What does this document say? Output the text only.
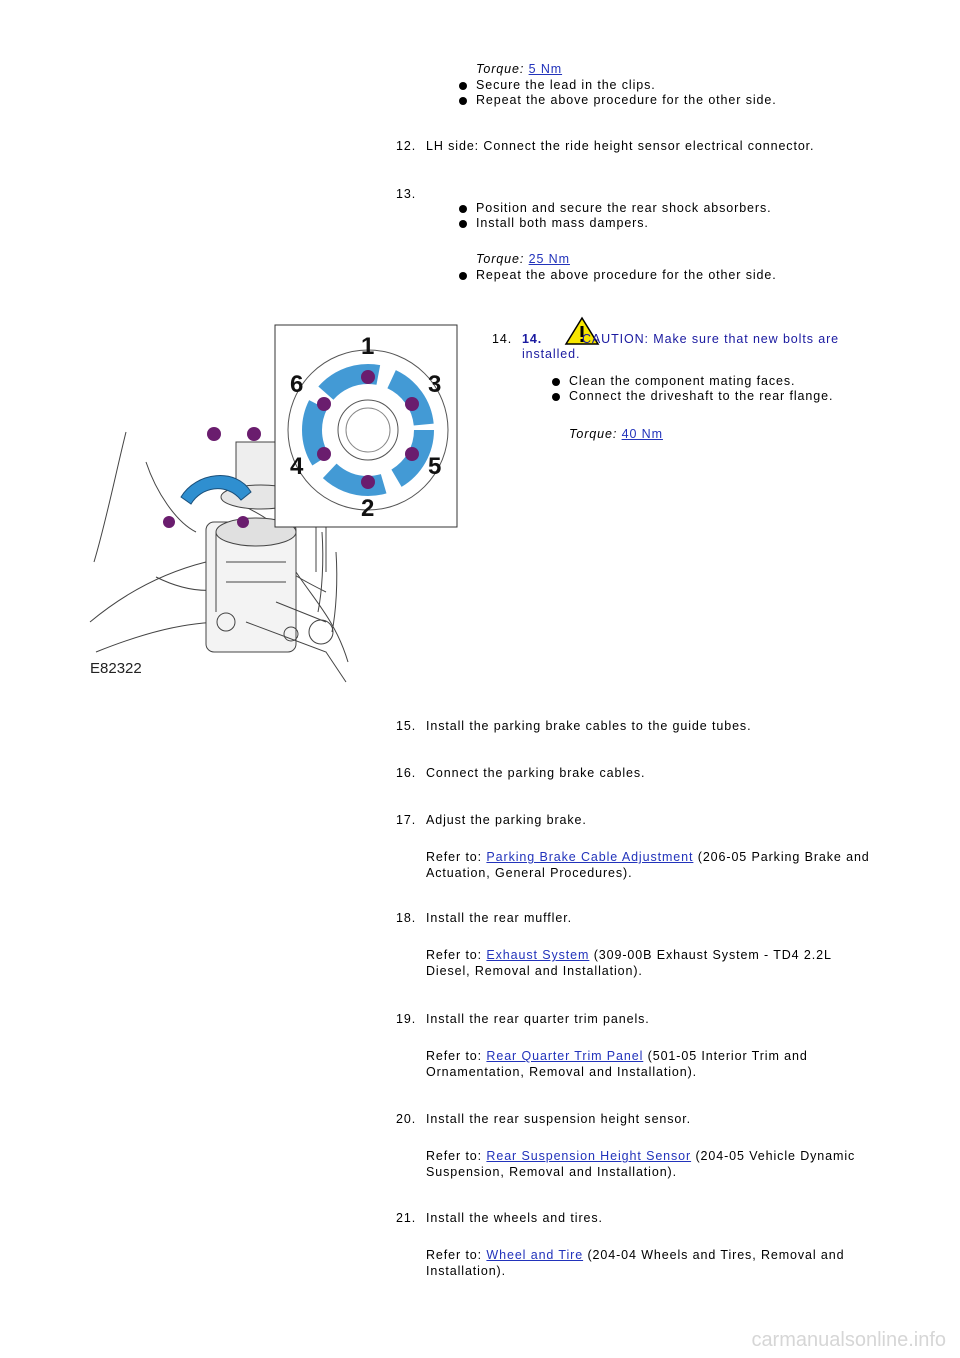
Torque: 5 Nm
Secure the lead in the clips.
Repeat the above procedure for the other side.
12. LH side: Connect the ride height sensor electrical connector.
13.
Position and secure the rear shock absorbers.
Install both mass dampers.
Torque: 25 Nm
Repeat the above procedure for the other side.
1
2
3
4	5
6
E82322
14. 14.	CAUTION: Make sure that new bolts are
installed.
Clean the component mating faces.
Connect the driveshaft to the rear flange.
Torque: 40 Nm
15. Install the parking brake cables to the guide tubes.
16. Connect the parking brake cables.
17. Adjust the parking brake.
Refer to: Parking Brake Cable Adjustment (206-05 Parking Brake and
Actuation, General Procedures).
18. Install the rear muffler.
Refer to: Exhaust System (309-00B Exhaust System - TD4 2.2L
Diesel, Removal and Installation).
19. Install the rear quarter trim panels.
Refer to: Rear Quarter Trim Panel (501-05 Interior Trim and
Ornamentation, Removal and Installation).
20. Install the rear suspension height sensor.
Refer to: Rear Suspension Height Sensor (204-05 Vehicle Dynamic
Suspension, Removal and Installation).
21. Install the wheels and tires.
Refer to: Wheel and Tire (204-04 Wheels and Tires, Removal and
Installation).
carmanualsonline.info
